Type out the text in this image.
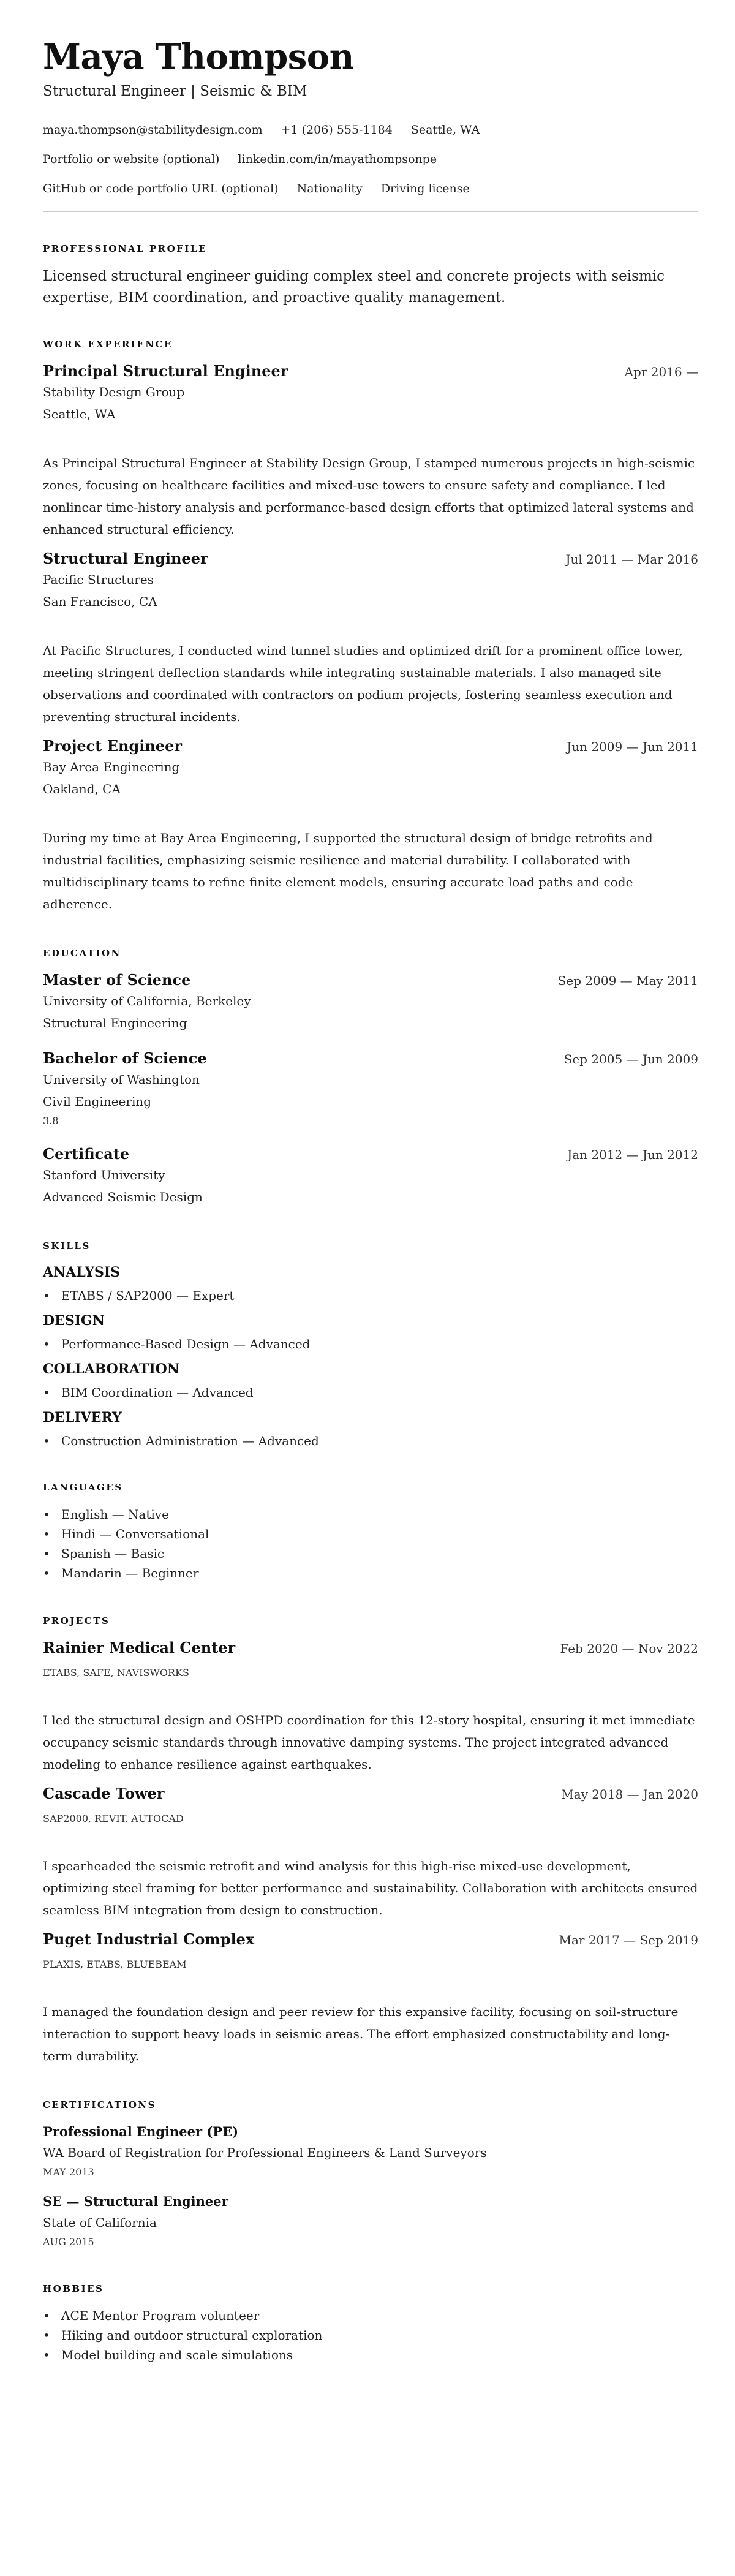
Maya Thompson
Structural Engineer | Seismic & BIM
maya.thompson@stabilitydesign.com +1 (206) 555-1184 Seattle, WA
Portfolio or website (optional) linkedin.com/in/mayathompsonpe
GitHub or code portfolio URL (optional) Nationality Driving license
PROFESSIONAL PROFILE

Licensed structural engineer guiding complex steel and concrete projects with seismic expertise, BIM coordination, and proactive quality management.

WORK EXPERIENCE
Principal Structural Engineer	Apr 2016 —
Stability Design Group
Seattle, WA

As Principal Structural Engineer at Stability Design Group, I stamped numerous projects in high-seismic zones, focusing on healthcare facilities and mixed-use towers to ensure safety and compliance. I led nonlinear time-history analysis and performance-based design efforts that optimized lateral systems and enhanced structural efficiency.

Structural Engineer	Jul 2011 — Mar 2016
Pacific Structures
San Francisco, CA

At Pacific Structures, I conducted wind tunnel studies and optimized drift for a prominent office tower, meeting stringent deflection standards while integrating sustainable materials. I also managed site observations and coordinated with contractors on podium projects, fostering seamless execution and preventing structural incidents.

Project Engineer	Jun 2009 — Jun 2011
Bay Area Engineering
Oakland, CA

During my time at Bay Area Engineering, I supported the structural design of bridge retrofits and industrial facilities, emphasizing seismic resilience and material durability. I collaborated with multidisciplinary teams to refine finite element models, ensuring accurate load paths and code adherence.

EDUCATION
Master of Science	Sep 2009 — May 2011
University of California, Berkeley
Structural Engineering
Bachelor of Science	Sep 2005 — Jun 2009
University of Washington
Civil Engineering
3.8
Certificate	Jan 2012 — Jun 2012
Stanford University
Advanced Seismic Design
SKILLS
ANALYSIS
• ETABS / SAP2000 — Expert
DESIGN
• Performance-Based Design — Advanced
COLLABORATION
• BIM Coordination — Advanced
DELIVERY
• Construction Administration — Advanced
LANGUAGES
• English — Native
• Hindi — Conversational
• Spanish — Basic
• Mandarin — Beginner
PROJECTS
Rainier Medical Center	Feb 2020 — Nov 2022
ETABS, SAFE, NAVISWORKS

I led the structural design and OSHPD coordination for this 12-story hospital, ensuring it met immediate occupancy seismic standards through innovative damping systems. The project integrated advanced modeling to enhance resilience against earthquakes.

Cascade Tower	May 2018 — Jan 2020
SAP2000, REVIT, AUTOCAD

I spearheaded the seismic retrofit and wind analysis for this high-rise mixed-use development, optimizing steel framing for better performance and sustainability. Collaboration with architects ensured seamless BIM integration from design to construction.

Puget Industrial Complex	Mar 2017 — Sep 2019
PLAXIS, ETABS, BLUEBEAM

I managed the foundation design and peer review for this expansive facility, focusing on soil-structure interaction to support heavy loads in seismic areas. The effort emphasized constructability and long-term durability.

CERTIFICATIONS
Professional Engineer (PE)
WA Board of Registration for Professional Engineers & Land Surveyors
MAY 2013
SE — Structural Engineer
State of California
AUG 2015
HOBBIES
• ACE Mentor Program volunteer
• Hiking and outdoor structural exploration
• Model building and scale simulations
